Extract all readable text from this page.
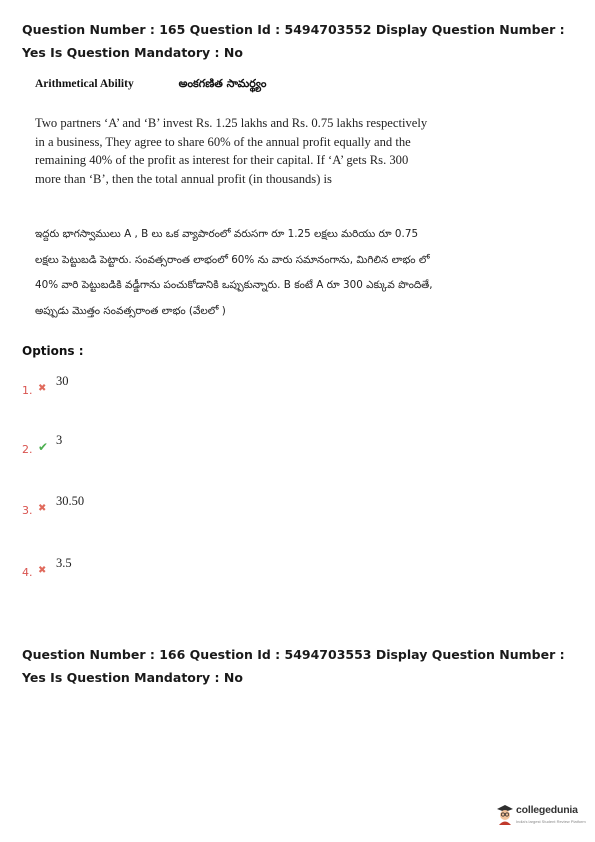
Question Number : 165 Question Id : 5494703552 Display Question Number : Yes Is Question Mandatory : No
Arithmetical Ability	అంకగణిత సామర్థ్యం
Two partners ‘A’ and ‘B’ invest Rs. 1.25 lakhs and Rs. 0.75 lakhs respectively in a business, They agree to share 60% of the annual profit equally and the remaining 40% of the profit as interest for their capital. If ‘A’ gets Rs. 300 more than ‘B’, then the total annual profit (in thousands) is
ఇద్దరు భాగస్వాములు A , B లు ఒక వ్యాపారంలో వరుసగా రూ 1.25 లక్షలు మరియు రూ 0.75 లక్షలు పెట్టుబడి పెట్టారు. సంవత్సరాంత లాభంలో 60% ను వారు సమానంగాను, మిగిలిన లాభం లో 40% వారి పెట్టుబడికి వడ్డీగాను పంచుకోడానికి ఒప్పుకున్నారు. B కంటే A రూ 300 ఎక్కువ పొందితే, అప్పుడు మొత్తం సంవత్సరాంత లాభం (వేలలో )
Options :
1. ✖
30
2. ✔ 3
3. ✖
30.50
4. ✖
3.5
Question Number : 166 Question Id : 5494703553 Display Question Number : Yes Is Question Mandatory : No
collegedunia
India's largest Student Review Platform
